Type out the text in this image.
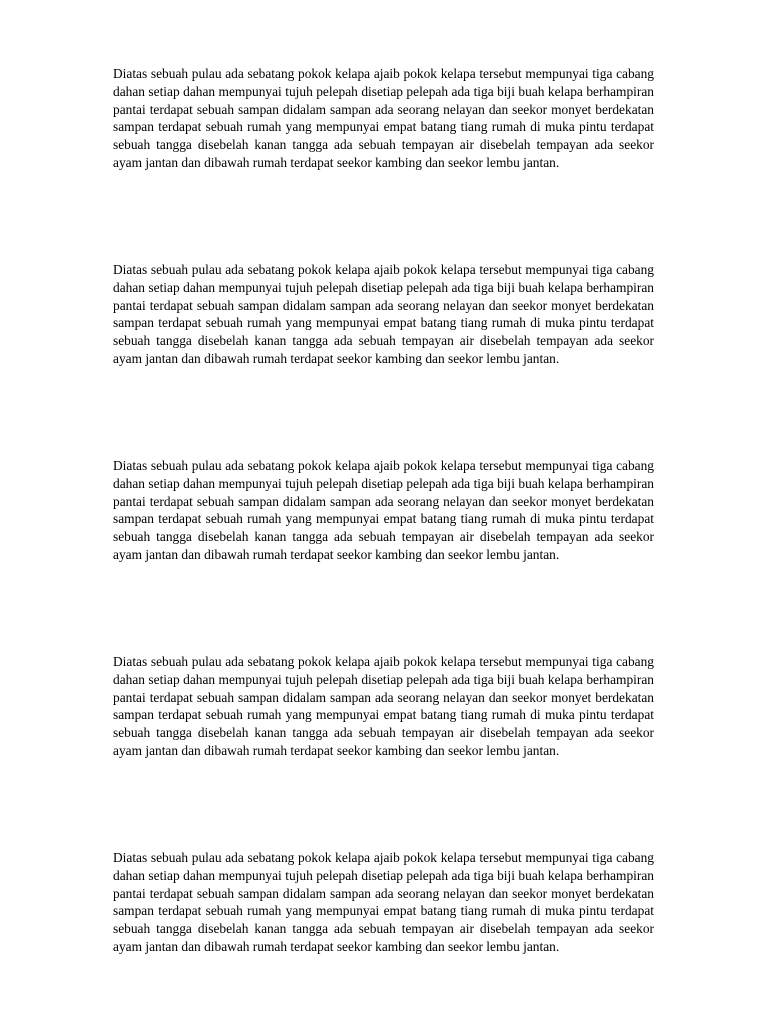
Diatas sebuah pulau ada sebatang pokok kelapa ajaib pokok kelapa tersebut mempunyai tiga cabang dahan setiap dahan mempunyai tujuh pelepah disetiap pelepah ada tiga biji buah kelapa berhampiran pantai terdapat sebuah sampan didalam sampan ada seorang nelayan dan seekor monyet berdekatan sampan terdapat sebuah rumah yang mempunyai empat batang tiang rumah di muka pintu terdapat sebuah tangga disebelah kanan tangga ada sebuah tempayan air disebelah tempayan ada seekor ayam jantan dan dibawah rumah terdapat seekor kambing dan seekor lembu jantan.

Diatas sebuah pulau ada sebatang pokok kelapa ajaib pokok kelapa tersebut mempunyai tiga cabang dahan setiap dahan mempunyai tujuh pelepah disetiap pelepah ada tiga biji buah kelapa berhampiran pantai terdapat sebuah sampan didalam sampan ada seorang nelayan dan seekor monyet berdekatan sampan terdapat sebuah rumah yang mempunyai empat batang tiang rumah di muka pintu terdapat sebuah tangga disebelah kanan tangga ada sebuah tempayan air disebelah tempayan ada seekor ayam jantan dan dibawah rumah terdapat seekor kambing dan seekor lembu jantan.

Diatas sebuah pulau ada sebatang pokok kelapa ajaib pokok kelapa tersebut mempunyai tiga cabang dahan setiap dahan mempunyai tujuh pelepah disetiap pelepah ada tiga biji buah kelapa berhampiran pantai terdapat sebuah sampan didalam sampan ada seorang nelayan dan seekor monyet berdekatan sampan terdapat sebuah rumah yang mempunyai empat batang tiang rumah di muka pintu terdapat sebuah tangga disebelah kanan tangga ada sebuah tempayan air disebelah tempayan ada seekor ayam jantan dan dibawah rumah terdapat seekor kambing dan seekor lembu jantan.

Diatas sebuah pulau ada sebatang pokok kelapa ajaib pokok kelapa tersebut mempunyai tiga cabang dahan setiap dahan mempunyai tujuh pelepah disetiap pelepah ada tiga biji buah kelapa berhampiran pantai terdapat sebuah sampan didalam sampan ada seorang nelayan dan seekor monyet berdekatan sampan terdapat sebuah rumah yang mempunyai empat batang tiang rumah di muka pintu terdapat sebuah tangga disebelah kanan tangga ada sebuah tempayan air disebelah tempayan ada seekor ayam jantan dan dibawah rumah terdapat seekor kambing dan seekor lembu jantan.

Diatas sebuah pulau ada sebatang pokok kelapa ajaib pokok kelapa tersebut mempunyai tiga cabang dahan setiap dahan mempunyai tujuh pelepah disetiap pelepah ada tiga biji buah kelapa berhampiran pantai terdapat sebuah sampan didalam sampan ada seorang nelayan dan seekor monyet berdekatan sampan terdapat sebuah rumah yang mempunyai empat batang tiang rumah di muka pintu terdapat sebuah tangga disebelah kanan tangga ada sebuah tempayan air disebelah tempayan ada seekor ayam jantan dan dibawah rumah terdapat seekor kambing dan seekor lembu jantan.
